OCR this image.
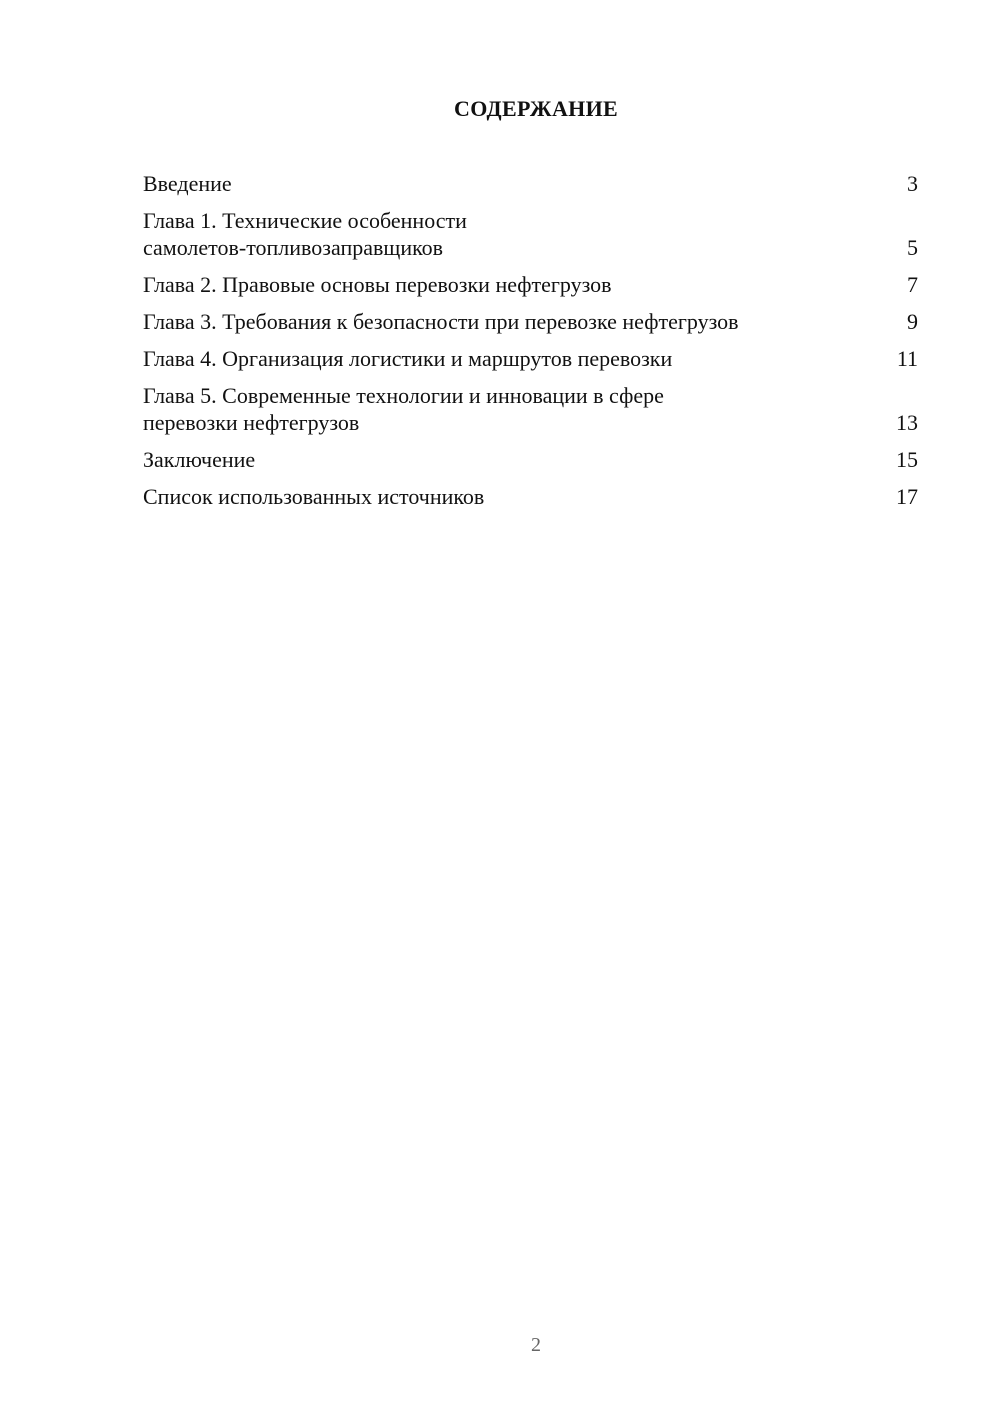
СОДЕРЖАНИЕ
Введение	3
Глава 1. Технические особенности
самолетов-топливозаправщиков	5
Глава 2. Правовые основы перевозки нефтегрузов	7
Глава 3. Требования к безопасности при перевозке нефтегрузов	9
Глава 4. Организация логистики и маршрутов перевозки	11
Глава 5. Современные технологии и инновации в сфере
перевозки нефтегрузов	13
Заключение	15
Список использованных источников	17
2
